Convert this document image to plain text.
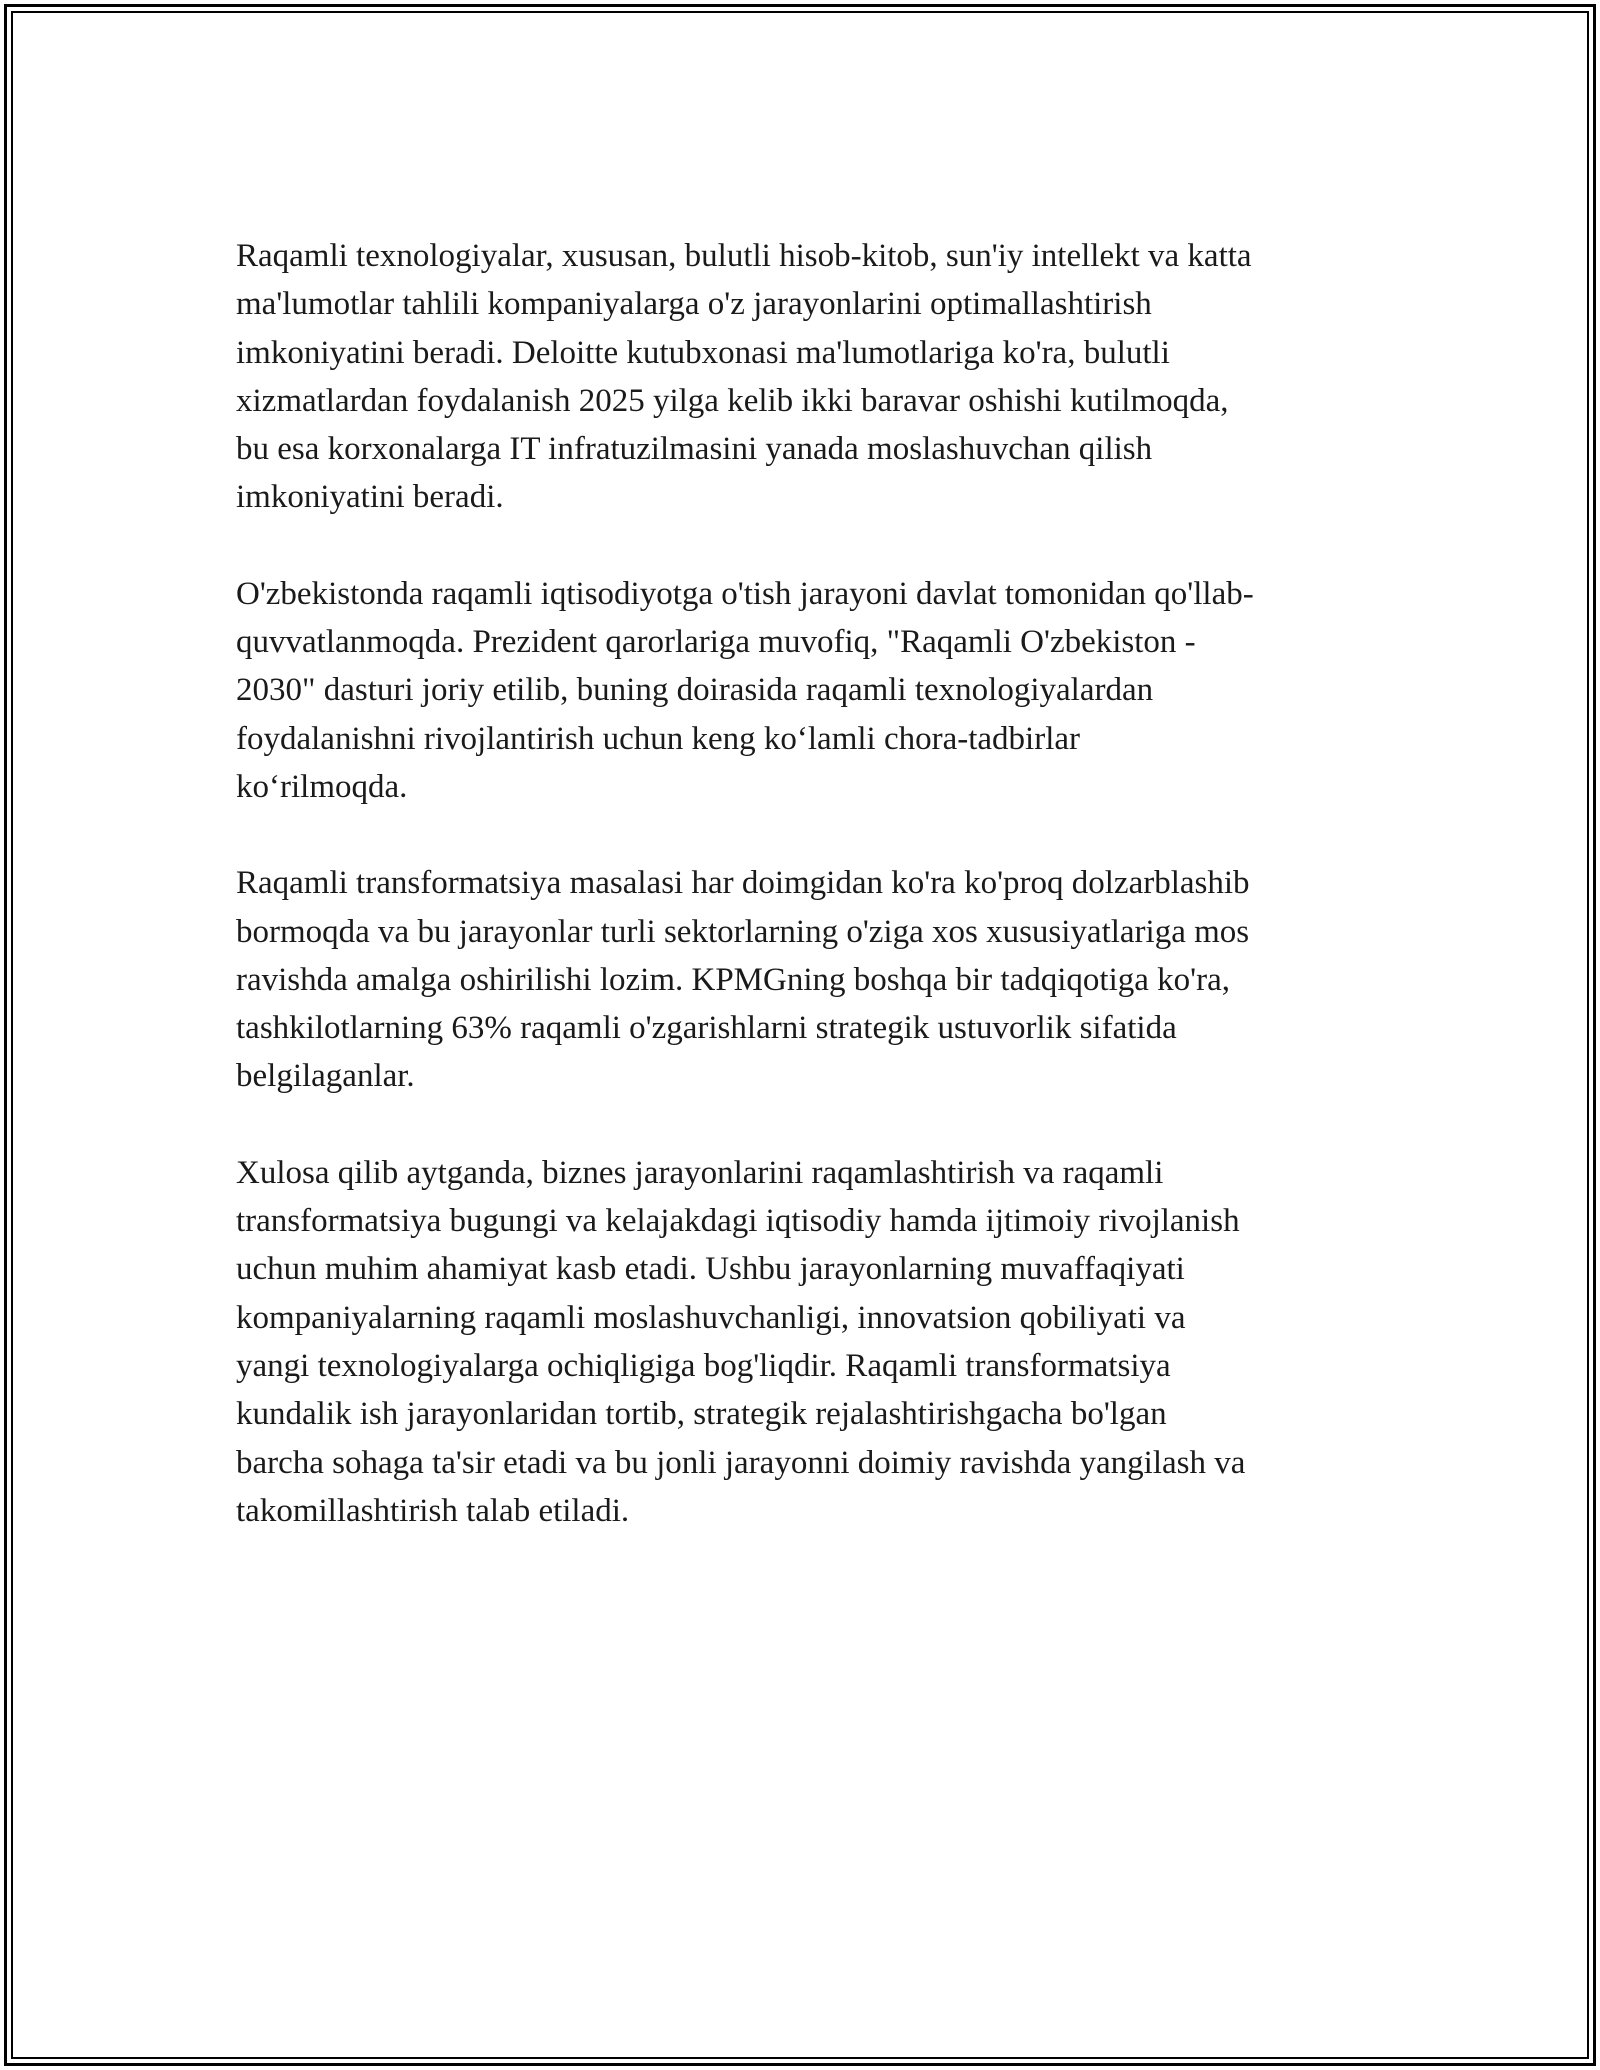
Raqamli texnologiyalar, xususan, bulutli hisob-kitob, sun'iy intellekt va katta
ma'lumotlar tahlili kompaniyalarga o'z jarayonlarini optimallashtirish
imkoniyatini beradi. Deloitte kutubxonasi ma'lumotlariga ko'ra, bulutli
xizmatlardan foydalanish 2025 yilga kelib ikki baravar oshishi kutilmoqda,
bu esa korxonalarga IT infratuzilmasini yanada moslashuvchan qilish
imkoniyatini beradi.

O'zbekistonda raqamli iqtisodiyotga o'tish jarayoni davlat tomonidan qo'llab-
quvvatlanmoqda. Prezident qarorlariga muvofiq, "Raqamli O'zbekiston -
2030" dasturi joriy etilib, buning doirasida raqamli texnologiyalardan
foydalanishni rivojlantirish uchun keng ko‘lamli chora-tadbirlar
ko‘rilmoqda.

Raqamli transformatsiya masalasi har doimgidan ko'ra ko'proq dolzarblashib
bormoqda va bu jarayonlar turli sektorlarning o'ziga xos xususiyatlariga mos
ravishda amalga oshirilishi lozim. KPMGning boshqa bir tadqiqotiga ko'ra,
tashkilotlarning 63% raqamli o'zgarishlarni strategik ustuvorlik sifatida
belgilaganlar.

Xulosa qilib aytganda, biznes jarayonlarini raqamlashtirish va raqamli
transformatsiya bugungi va kelajakdagi iqtisodiy hamda ijtimoiy rivojlanish
uchun muhim ahamiyat kasb etadi. Ushbu jarayonlarning muvaffaqiyati
kompaniyalarning raqamli moslashuvchanligi, innovatsion qobiliyati va
yangi texnologiyalarga ochiqligiga bog'liqdir. Raqamli transformatsiya
kundalik ish jarayonlaridan tortib, strategik rejalashtirishgacha bo'lgan
barcha sohaga ta'sir etadi va bu jonli jarayonni doimiy ravishda yangilash va
takomillashtirish talab etiladi.
